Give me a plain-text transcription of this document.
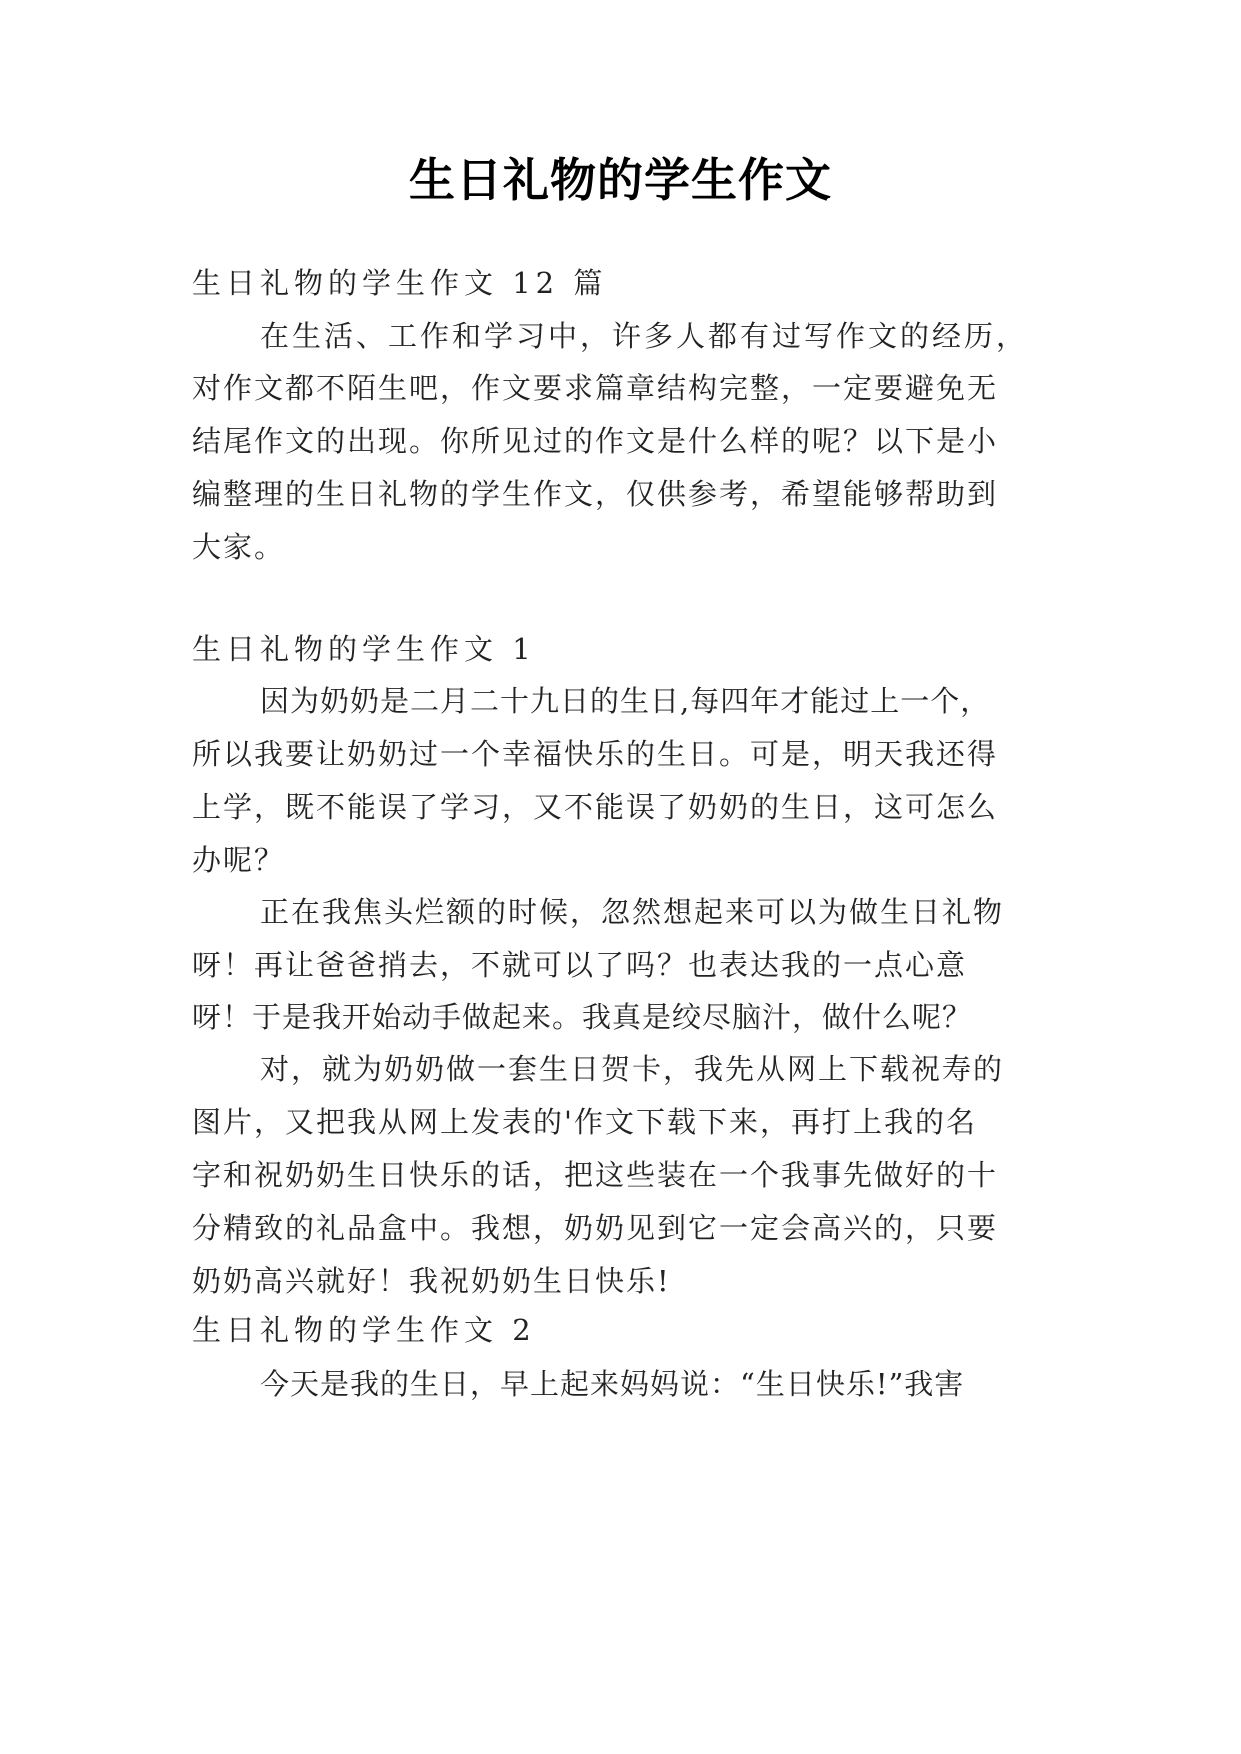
生日礼物的学生作文
生日礼物的学生作文 12 篇
在生活、工作和学习中，许多人都有过写作文的经历，
对作文都不陌生吧，作文要求篇章结构完整，一定要避免无
结尾作文的出现。你所见过的作文是什么样的呢？以下是小
编整理的生日礼物的学生作文，仅供参考，希望能够帮助到
大家。
生日礼物的学生作文 1
因为奶奶是二月二十九日的生日,每四年才能过上一个，
所以我要让奶奶过一个幸福快乐的生日。可是，明天我还得
上学，既不能误了学习，又不能误了奶奶的生日，这可怎么
办呢？
正在我焦头烂额的时候，忽然想起来可以为做生日礼物
呀！再让爸爸捎去，不就可以了吗？也表达我的一点心意
呀！于是我开始动手做起来。我真是绞尽脑汁，做什么呢？
对，就为奶奶做一套生日贺卡，我先从网上下载祝寿的
图片，又把我从网上发表的'作文下载下来，再打上我的名
字和祝奶奶生日快乐的话，把这些装在一个我事先做好的十
分精致的礼品盒中。我想，奶奶见到它一定会高兴的，只要
奶奶高兴就好！我祝奶奶生日快乐!
生日礼物的学生作文 2
今天是我的生日，早上起来妈妈说：“生日快乐!”我害
